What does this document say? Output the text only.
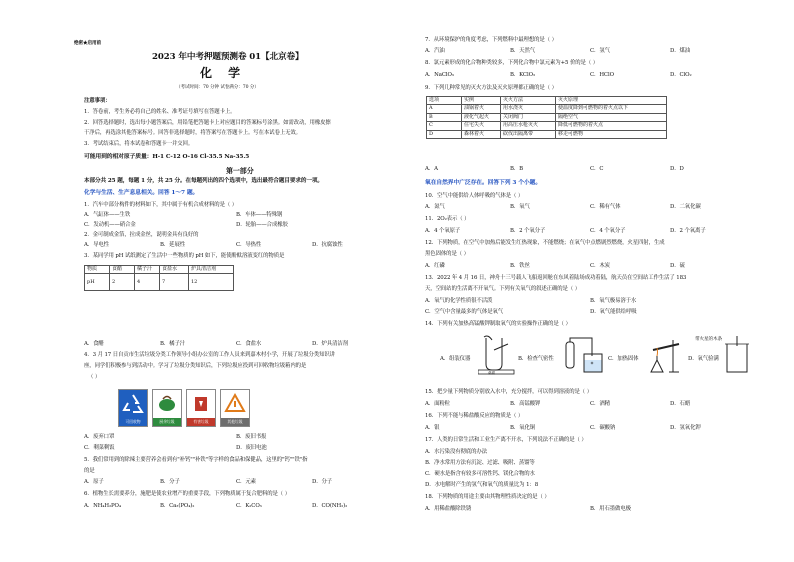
绝密★启用前
2023 年中考押题预测卷 01【北京卷】
化 学
（考试时间：70 分钟 试卷满分：70 分）
注意事项：
1．答卷前，考生务必将自己的姓名、准考证号填写在答题卡上。
2．回答选择题时，选出每小题答案后，用铅笔把答题卡上对应题目的答案标号涂黑。如需改动，用橡皮擦
干净后，再选涂其他答案标号。回答非选择题时，将答案写在答题卡上。写在本试卷上无效。
3．考试结束后，将本试卷和答题卡一并交回。
可能用到的相对原子质量：H-1 C-12 O-16 Cl-35.5 Na-35.5
第一部分
本部分共 25 题，每题 1 分，共 25 分。在每题列出的四个选项中，选出最符合题目要求的一项。
化学与生活、生产息息相关。回答 1～7 题。
1．汽车中部分构件的材料如下，其中属于有机合成材料的是（ ）
A．气缸体——生铁	B．车体——特殊钢
C．发动机——硝合金	D．轮胎——合成橡胶
2．金可制成金箔，拉成金丝，说明金具有良好的
A．导电性	B．延展性	C．导热性	D．抗腐蚀性
3．某同学用 pH 试纸测定了生活中一些物质的 pH 如下，能使酚酞溶液变红的物质是
物质	食醋	橘子汁	食盐水	炉具清洁剂
pH	2	4	7	12
A．食醋	B．橘子汁	C．食盐水	D．炉具清洁剂
4．3 月 17 日自贡市生活垃圾分类工作领导小组办公室的工作人员来到嘉木村小学，开展了垃圾分类知识讲
座，同学们积极参与到活动中。学习了垃圾分类知识后，下列垃圾应投到可回收物垃圾箱内的是
（ ）
可回收物	厨余垃圾	有害垃圾	其他垃圾
A．废弃口罩	B．废旧书报
C．剩菜剩饭	D．废旧电池
5．我们常用到的除辣主要营养会看到有"补钙""补铁"等字样的食品和保健品，这里的"钙""铁"指
的是
A．原子	B．分子	C．元素	D．分子
6．植物生长需要养分，施肥是使农业增产的重要手段，下列物质属于复合肥料的是（ ）
A．NH₄H₂PO₄	B．Ca₃(PO₄)₂	C．K₂CO₃	D．CO(NH₂)₂
7．从环境保护的角度考虑，下列燃料中最理想的是（ ）
A．汽油	B．天然气	C．氢气	D．煤油
8．氯元素形成的化合物种类较多，下列化合物中氯元素为+5 价的是（ ）
A．NaClO₃	B．KClO₃	C．HClO	D．ClO₂
9．下列几种常见的灭火方法及灭火原理都正确的是（ ）
选项	实例	灭火方法	灭火原理
A	油锅着火	用水浇灭	使温度降到可燃物的着火点以下
B	液化气起火	关闭阀门	隔绝空气
C	住宅失火	用高压水枪灭火	降低可燃物的着火点
D	森林着火	砍伐出隔离带	移走可燃物
A．A	B．B	C．C	D．D
氧在自然界中广泛存在。回答下列 3 个小题。
10．空气中能供给人体呼吸的气体是（ ）
A．氮气	B．氧气	C．稀有气体	D．二氧化碳
11．2O₂表示（ ）
A．4 个氧原子	B．2 个氧分子	C．4 个氧分子	D．2 个氧离子
12．下列物质，在空气中加热后能发生红热现象，不能燃烧；在氧气中点燃剧烈燃烧，火星四射，生成
黑色固体的是（ ）
A．红磷	B．铁丝	C．木炭	D．硫
13．2022 年 4 月 16 日，神舟十三号载人飞船返回舱在东风着陆场成功着陆，航天员在空间站工作生活了 183
天，空间站的生活离不开氧气。下列有关氧气的叙述正确的是（ ）
A．氧气的化学性质很不活泼	B．氧气极易溶于水
C．空气中含量最多的气体是氧气	D．氧气能供给呼吸
14．下列有关加热高锰酸钾制取氧气的实验操作正确的是（ ）
桌面
带火星的木条
A．组装仪器	B．检查气密性	C．加热固体	D．氧气验满
15．把少量下列物质分别放入水中，充分搅拌，可以得到溶液的是（ ）
A．面粉粒	B．高锰酸钾	C．酒精	D．石蜡
16．下列不能与稀盐酸反应的物质是（ ）
A．银	B．氧化铜	C．碳酸钠	D．氢氧化钾
17．人类的日常生活和工业生产离不开水，下列说法不正确的是（ ）
A．水污染没有彻底的办法
B．净水常用方法有沉淀、过滤、吸附、蒸馏等
C．硬水是指含有较多可溶性钙、镁化合物的水
D．水电解时产生的氢气和氧气的质量比为 1：8
18．下列物质的用途主要由其物理性质决定的是（ ）
A．用稀盐酸除铁锈	B．用石墨做电极
